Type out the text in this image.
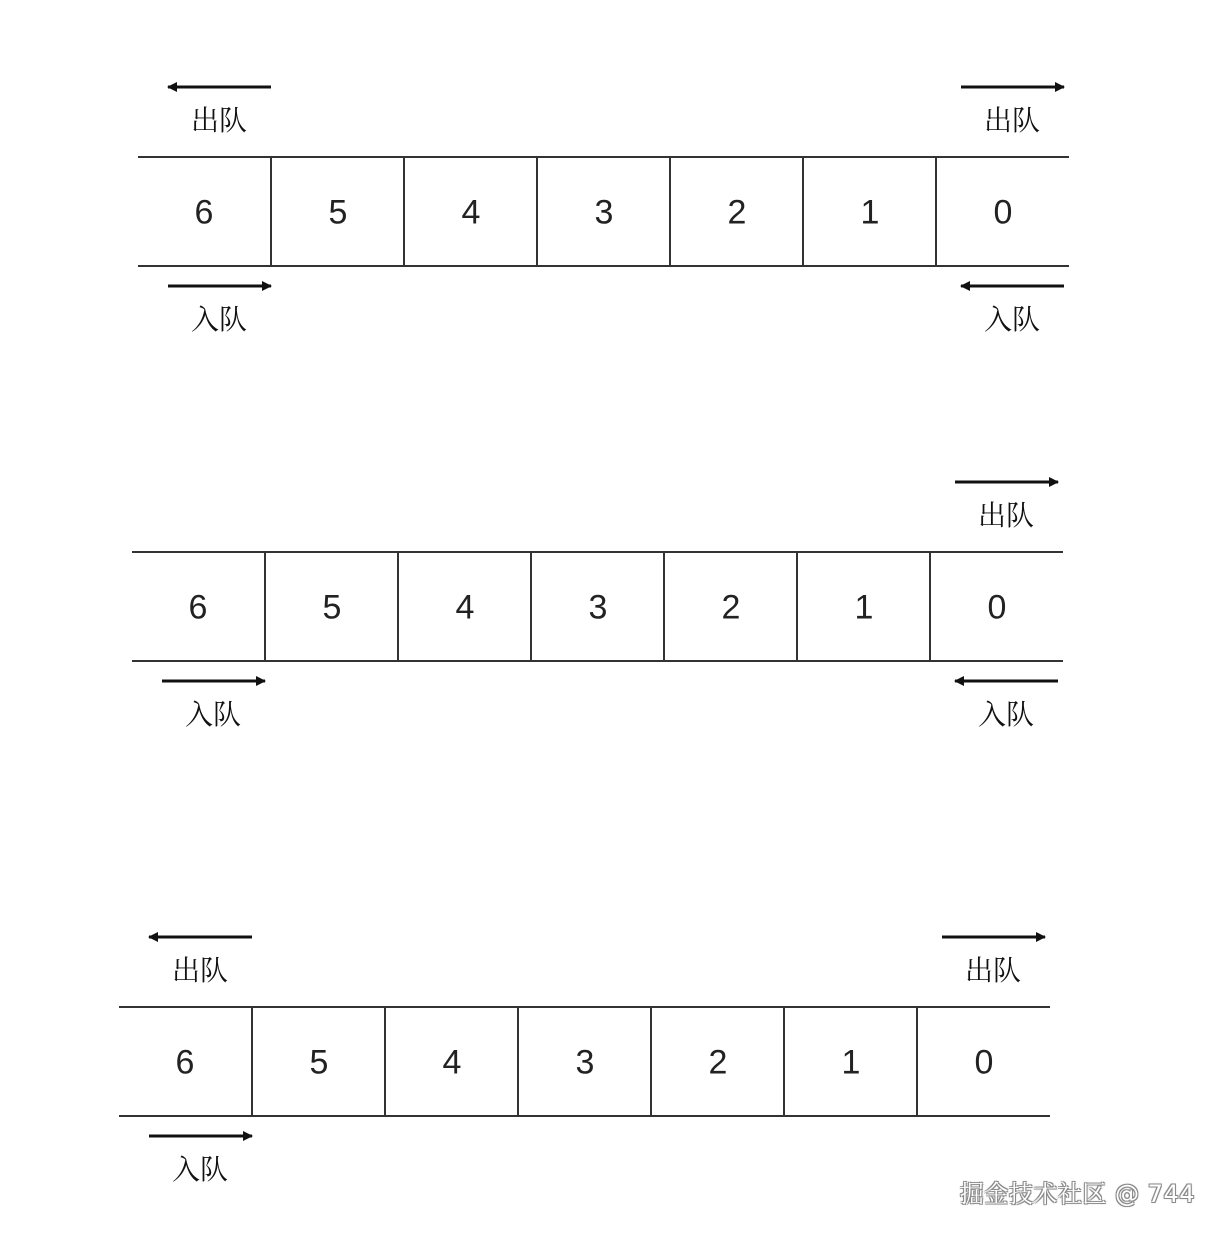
6	5	4	3	2	1	0
出队
入队
出队
入队
6	5	4	3	2	1	0
入队
出队
入队
6	5	4	3	2	1	0
出队
入队
出队
掘金技术社区 @ 744
